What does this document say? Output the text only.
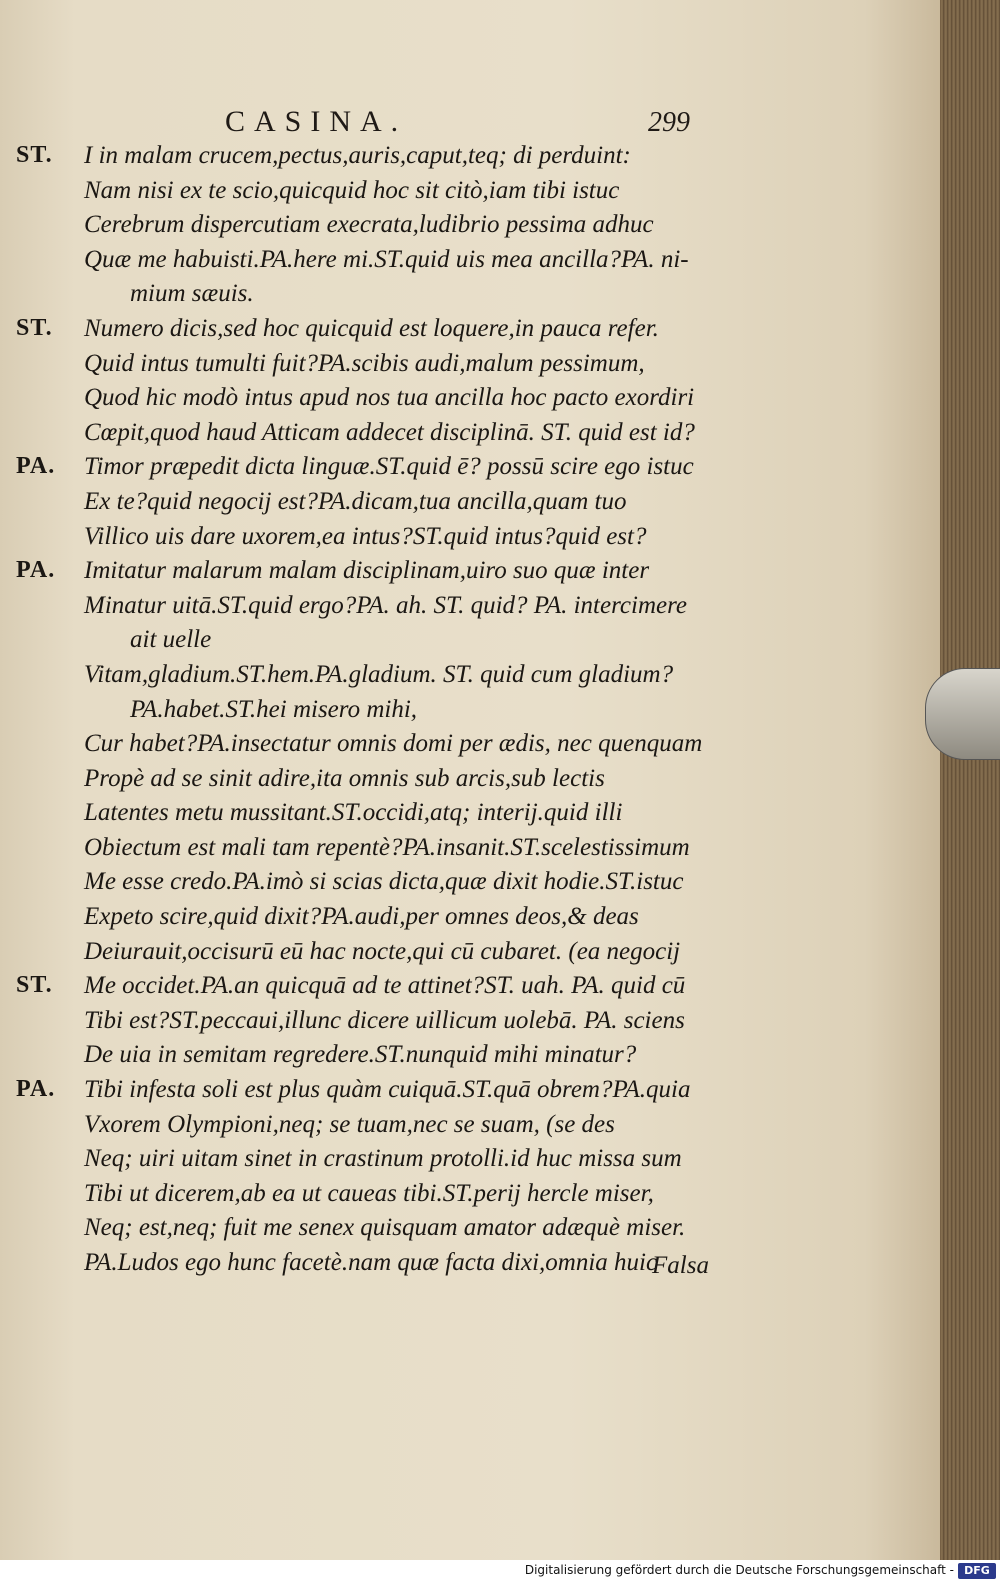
CASINA.	299
ST. I in malam crucem,pectus,auris,caput,teq; di perduint:
Nam nisi ex te scio,quicquid hoc sit citò,iam tibi istuc
Cerebrum dispercutiam execrata,ludibrio pessima adhuc
Quæ me habuisti.PA.here mi.ST.quid uis mea ancilla?PA. ni-
mium sæuis.
ST. Numero dicis,sed hoc quicquid est loquere,in pauca refer.
Quid intus tumulti fuit?PA.scibis audi,malum pessimum,
Quod hic modò intus apud nos tua ancilla hoc pacto exordiri
Cœpit,quod haud Atticam addecet disciplinā. ST. quid est id?
PA. Timor præpedit dicta linguæ.ST.quid ē? possū scire ego istuc
Ex te?quid negocij est?PA.dicam,tua ancilla,quam tuo
Villico uis dare uxorem,ea intus?ST.quid intus?quid est?
PA. Imitatur malarum malam disciplinam,uiro suo quæ inter
Minatur uitā.ST.quid ergo?PA. ah. ST. quid? PA. intercimere
ait uelle
Vitam,gladium.ST.hem.PA.gladium. ST. quid cum gladium?
PA.habet.ST.hei misero mihi,
Cur habet?PA.insectatur omnis domi per ædis, nec quenquam
Propè ad se sinit adire,ita omnis sub arcis,sub lectis
Latentes metu mussitant.ST.occidi,atq; interij.quid illi
Obiectum est mali tam repentè?PA.insanit.ST.scelestissimum
Me esse credo.PA.imò si scias dicta,quæ dixit hodie.ST.istuc
Expeto scire,quid dixit?PA.audi,per omnes deos,& deas
Deiurauit,occisurū eū hac nocte,qui cū cubaret. (ea negocij
ST. Me occidet.PA.an quicquā ad te attinet?ST. uah. PA. quid cū
Tibi est?ST.peccaui,illunc dicere uillicum uolebā. PA. sciens
De uia in semitam regredere.ST.nunquid mihi minatur?
PA. Tibi infesta soli est plus quàm cuiquā.ST.quā obrem?PA.quia
Vxorem Olympioni,neq; se tuam,nec se suam, (se des
Neq; uiri uitam sinet in crastinum protolli.id huc missa sum
Tibi ut dicerem,ab ea ut caueas tibi.ST.perij hercle miser,
Neq; est,neq; fuit me senex quisquam amator adæquè miser.
PA.Ludos ego hunc facetè.nam quæ facta dixi,omnia huic
Falsa
Digitalisierung gefördert durch die Deutsche Forschungsgemeinschaft - DFG
